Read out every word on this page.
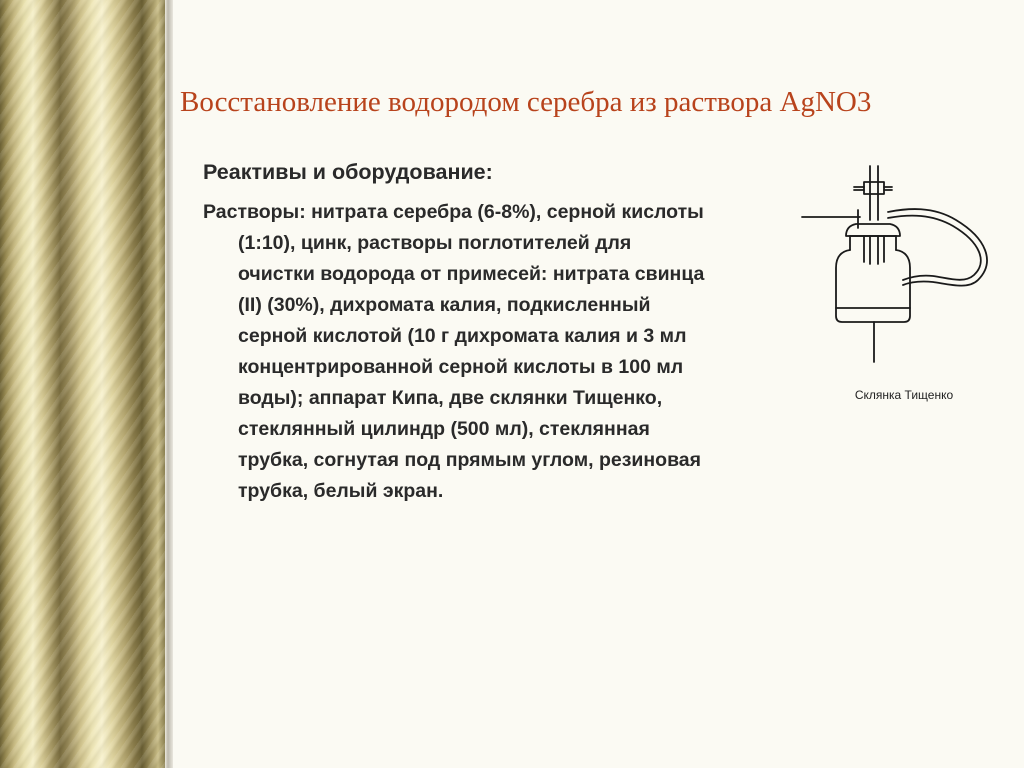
Восстановление водородом серебра из раствора AgNO3
Реактивы и оборудование:

Растворы: нитрата серебра (6-8%), серной кислоты (1:10), цинк, растворы поглотителей для очистки водорода от примесей: нитрата свинца (II) (30%), дихромата калия, подкисленный серной кислотой (10 г дихромата калия и 3 мл концентрированной серной кислоты в 100 мл воды); аппарат Кипа, две склянки Тищенко, стеклянный цилиндр (500 мл), стеклянная трубка, согнутая под прямым углом, резиновая трубка, белый экран.

Склянка Тищенко
